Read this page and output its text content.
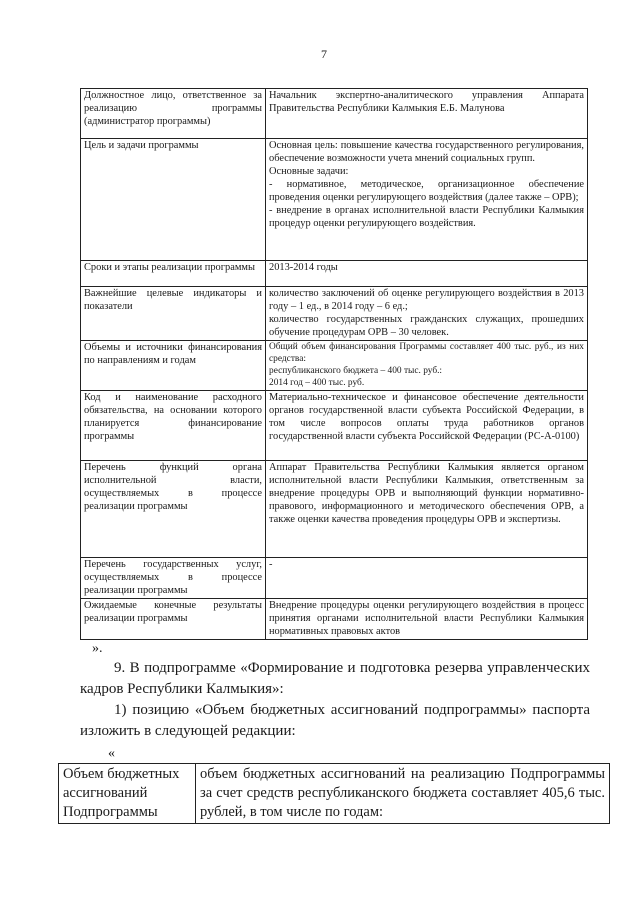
7
Должностное лицо, ответственное за реализацию программы (администратор программы)	Начальник экспертно-аналитического управления Аппарата Правительства Республики Калмыкия Е.Б. Малунова

Цель и задачи программы	Основная цель: повышение качества государственного регулирования, обеспечение возможности учета мнений социальных групп.
Основные задачи:
- нормативное, методическое, организационное обеспечение проведения оценки регулирующего воздействия (далее также – ОРВ);
- внедрение в органах исполнительной власти Республики Калмыкия процедур оценки регулирующего воздействия.

Сроки и этапы реализации программы	2013-2014 годы

Важнейшие целевые индикаторы и показатели	количество заключений об оценке регулирующего воздействия в 2013 году – 1 ед., в 2014 году – 6 ед.;
количество государственных гражданских служащих, прошедших обучение процедурам ОРВ – 30 человек.

Объемы и источники финансирования по направлениям и годам	Общий объем финансирования Программы составляет 400 тыс. руб., из них средства:
республиканского бюджета – 400 тыс. руб.:
2014 год – 400 тыс. руб.

Код и наименование расходного обязательства, на основании которого планируется финансирование программы	Материально-техническое и финансовое обеспечение деятельности органов государственной власти субъекта Российской Федерации, в том числе вопросов оплаты труда работников органов государственной власти субъекта Российской Федерации (РС-А-0100)

Перечень функций органа исполнительной власти, осуществляемых в процессе реализации программы	Аппарат Правительства Республики Калмыкия является органом исполнительной власти Республики Калмыкия, ответственным за внедрение процедуры ОРВ и выполняющий функции нормативно-правового, информационного и методического обеспечения ОРВ, а также оценки качества проведения процедуры ОРВ и экспертизы.

Перечень государственных услуг, осуществляемых в процессе реализации программы	-

Ожидаемые конечные результаты реализации программы	Внедрение процедуры оценки регулирующего воздействия в процесс принятия органами исполнительной власти Республики Калмыкия нормативных правовых актов
».
9. В подпрограмме «Формирование и подготовка резерва управленческих кадров Республики Калмыкия»:
1) позицию «Объем бюджетных ассигнований подпрограммы» паспорта изложить в следующей редакции:
«
Объем бюджетных ассигнований Подпрограммы	объем бюджетных ассигнований на реализацию Подпрограммы за счет средств республиканского бюджета составляет 405,6 тыс. рублей, в том числе по годам:
